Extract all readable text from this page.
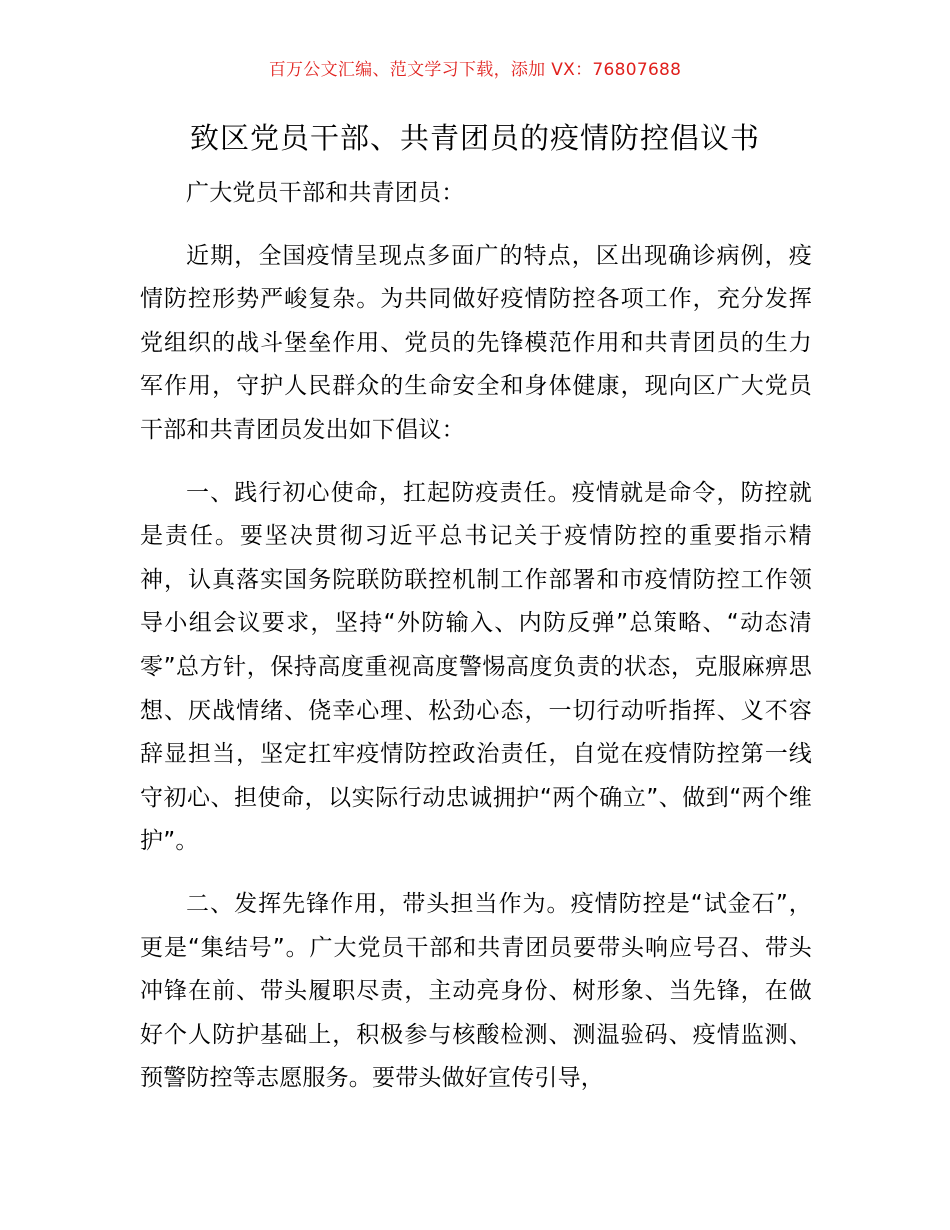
百万公文汇编、范文学习下载，添加 VX：76807688
致区党员干部、共青团员的疫情防控倡议书

广大党员干部和共青团员：

近期，全国疫情呈现点多面广的特点，区出现确诊病例，疫情防控形势严峻复杂。为共同做好疫情防控各项工作，充分发挥党组织的战斗堡垒作用、党员的先锋模范作用和共青团员的生力军作用，守护人民群众的生命安全和身体健康，现向区广大党员干部和共青团员发出如下倡议：

一、践行初心使命，扛起防疫责任。疫情就是命令，防控就是责任。要坚决贯彻习近平总书记关于疫情防控的重要指示精神，认真落实国务院联防联控机制工作部署和市疫情防控工作领导小组会议要求，坚持“外防输入、内防反弹”总策略、“动态清零”总方针，保持高度重视高度警惕高度负责的状态，克服麻痹思想、厌战情绪、侥幸心理、松劲心态，一切行动听指挥、义不容辞显担当，坚定扛牢疫情防控政治责任，自觉在疫情防控第一线守初心、担使命，以实际行动忠诚拥护“两个确立”、做到“两个维护”。

二、发挥先锋作用，带头担当作为。疫情防控是“试金石”，更是“集结号”。广大党员干部和共青团员要带头响应号召、带头冲锋在前、带头履职尽责，主动亮身份、树形象、当先锋，在做好个人防护基础上，积极参与核酸检测、测温验码、疫情监测、预警防控等志愿服务。要带头做好宣传引导，
